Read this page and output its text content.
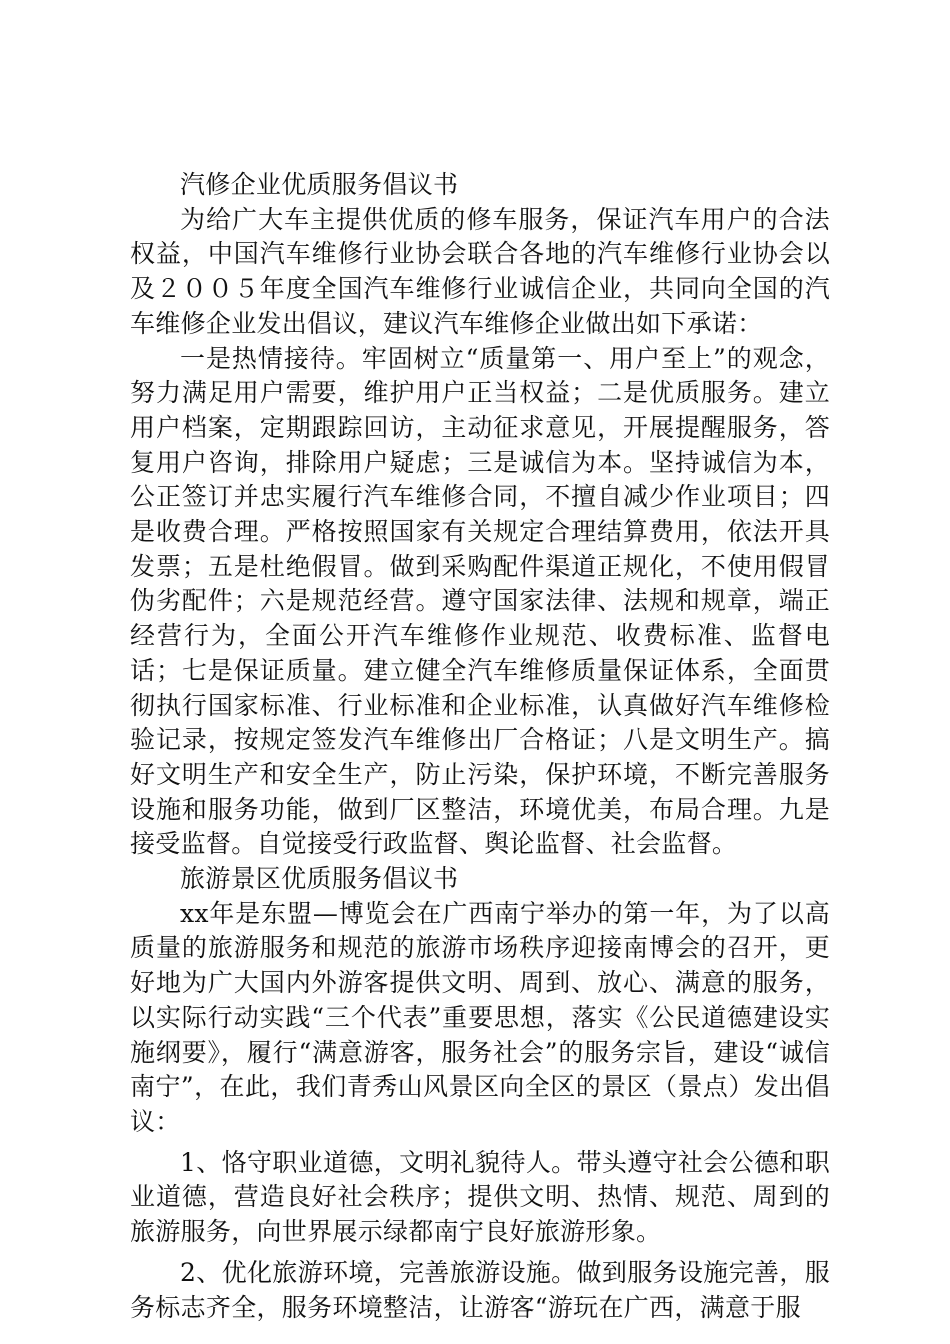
汽修企业优质服务倡议书

为给广大车主提供优质的修车服务，保证汽车用户的合法权益，中国汽车维修行业协会联合各地的汽车维修行业协会以及２００５年度全国汽车维修行业诚信企业，共同向全国的汽车维修企业发出倡议，建议汽车维修企业做出如下承诺：

一是热情接待。牢固树立“质量第一、用户至上”的观念，努力满足用户需要，维护用户正当权益；二是优质服务。建立用户档案，定期跟踪回访，主动征求意见，开展提醒服务，答复用户咨询，排除用户疑虑；三是诚信为本。坚持诚信为本，公正签订并忠实履行汽车维修合同，不擅自减少作业项目；四是收费合理。严格按照国家有关规定合理结算费用，依法开具发票；五是杜绝假冒。做到采购配件渠道正规化，不使用假冒伪劣配件；六是规范经营。遵守国家法律、法规和规章，端正经营行为，全面公开汽车维修作业规范、收费标准、监督电话；七是保证质量。建立健全汽车维修质量保证体系，全面贯彻执行国家标准、行业标准和企业标准，认真做好汽车维修检验记录，按规定签发汽车维修出厂合格证；八是文明生产。搞好文明生产和安全生产，防止污染，保护环境，不断完善服务设施和服务功能，做到厂区整洁，环境优美，布局合理。九是接受监督。自觉接受行政监督、舆论监督、社会监督。

旅游景区优质服务倡议书

xx年是东盟—博览会在广西南宁举办的第一年，为了以高质量的旅游服务和规范的旅游市场秩序迎接南博会的召开，更好地为广大国内外游客提供文明、周到、放心、满意的服务，以实际行动实践“三个代表”重要思想，落实《公民道德建设实施纲要》，履行“满意游客，服务社会”的服务宗旨，建设“诚信南宁”，在此，我们青秀山风景区向全区的景区（景点）发出倡议：

1、恪守职业道德，文明礼貌待人。带头遵守社会公德和职业道德，营造良好社会秩序；提供文明、热情、规范、周到的旅游服务，向世界展示绿都南宁良好旅游形象。

2、优化旅游环境，完善旅游设施。做到服务设施完善，服务标志齐全，服务环境整洁，让游客“游玩在广西，满意于服
